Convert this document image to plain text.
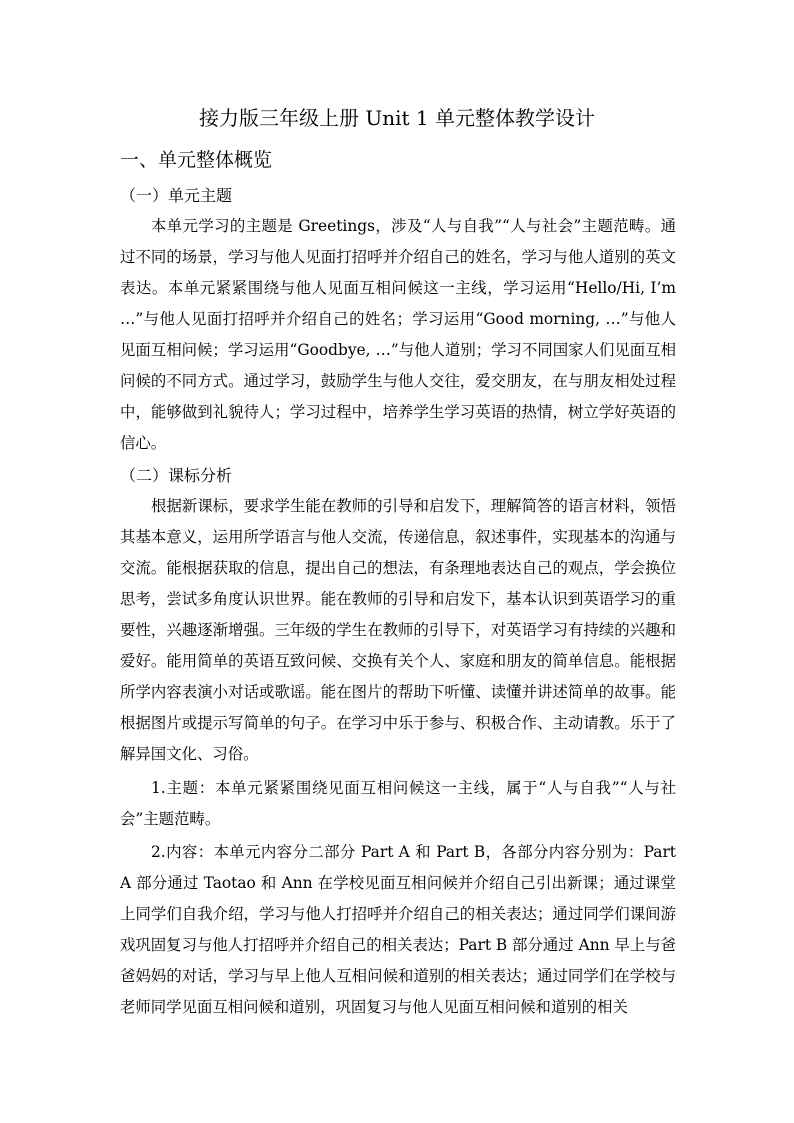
接力版三年级上册 Unit 1 单元整体教学设计
一、单元整体概览
（一）单元主题

本单元学习的主题是 Greetings，涉及“人与自我”“人与社会”主题范畴。通过不同的场景，学习与他人见面打招呼并介绍自己的姓名，学习与他人道别的英文表达。本单元紧紧围绕与他人见面互相问候这一主线，学习运用“Hello/Hi, I’m …”与他人见面打招呼并介绍自己的姓名；学习运用“Good morning, …”与他人见面互相问候；学习运用“Goodbye, …”与他人道别；学习不同国家人们见面互相问候的不同方式。通过学习，鼓励学生与他人交往，爱交朋友，在与朋友相处过程中，能够做到礼貌待人；学习过程中，培养学生学习英语的热情，树立学好英语的信心。

（二）课标分析

根据新课标，要求学生能在教师的引导和启发下，理解简答的语言材料，领悟其基本意义，运用所学语言与他人交流，传递信息，叙述事件，实现基本的沟通与交流。能根据获取的信息，提出自己的想法，有条理地表达自己的观点，学会换位思考，尝试多角度认识世界。能在教师的引导和启发下，基本认识到英语学习的重要性，兴趣逐渐增强。三年级的学生在教师的引导下，对英语学习有持续的兴趣和爱好。能用简单的英语互致问候、交换有关个人、家庭和朋友的简单信息。能根据所学内容表演小对话或歌谣。能在图片的帮助下听懂、读懂并讲述简单的故事。能根据图片或提示写简单的句子。在学习中乐于参与、积极合作、主动请教。乐于了解异国文化、习俗。

1.主题：本单元紧紧围绕见面互相问候这一主线，属于“人与自我”“人与社会”主题范畴。

2.内容：本单元内容分二部分 Part A 和 Part B，各部分内容分别为：Part A 部分通过 Taotao 和 Ann 在学校见面互相问候并介绍自己引出新课；通过课堂上同学们自我介绍，学习与他人打招呼并介绍自己的相关表达；通过同学们课间游戏巩固复习与他人打招呼并介绍自己的相关表达；Part B 部分通过 Ann 早上与爸爸妈妈的对话，学习与早上他人互相问候和道别的相关表达；通过同学们在学校与老师同学见面互相问候和道别，巩固复习与他人见面互相问候和道别的相关
